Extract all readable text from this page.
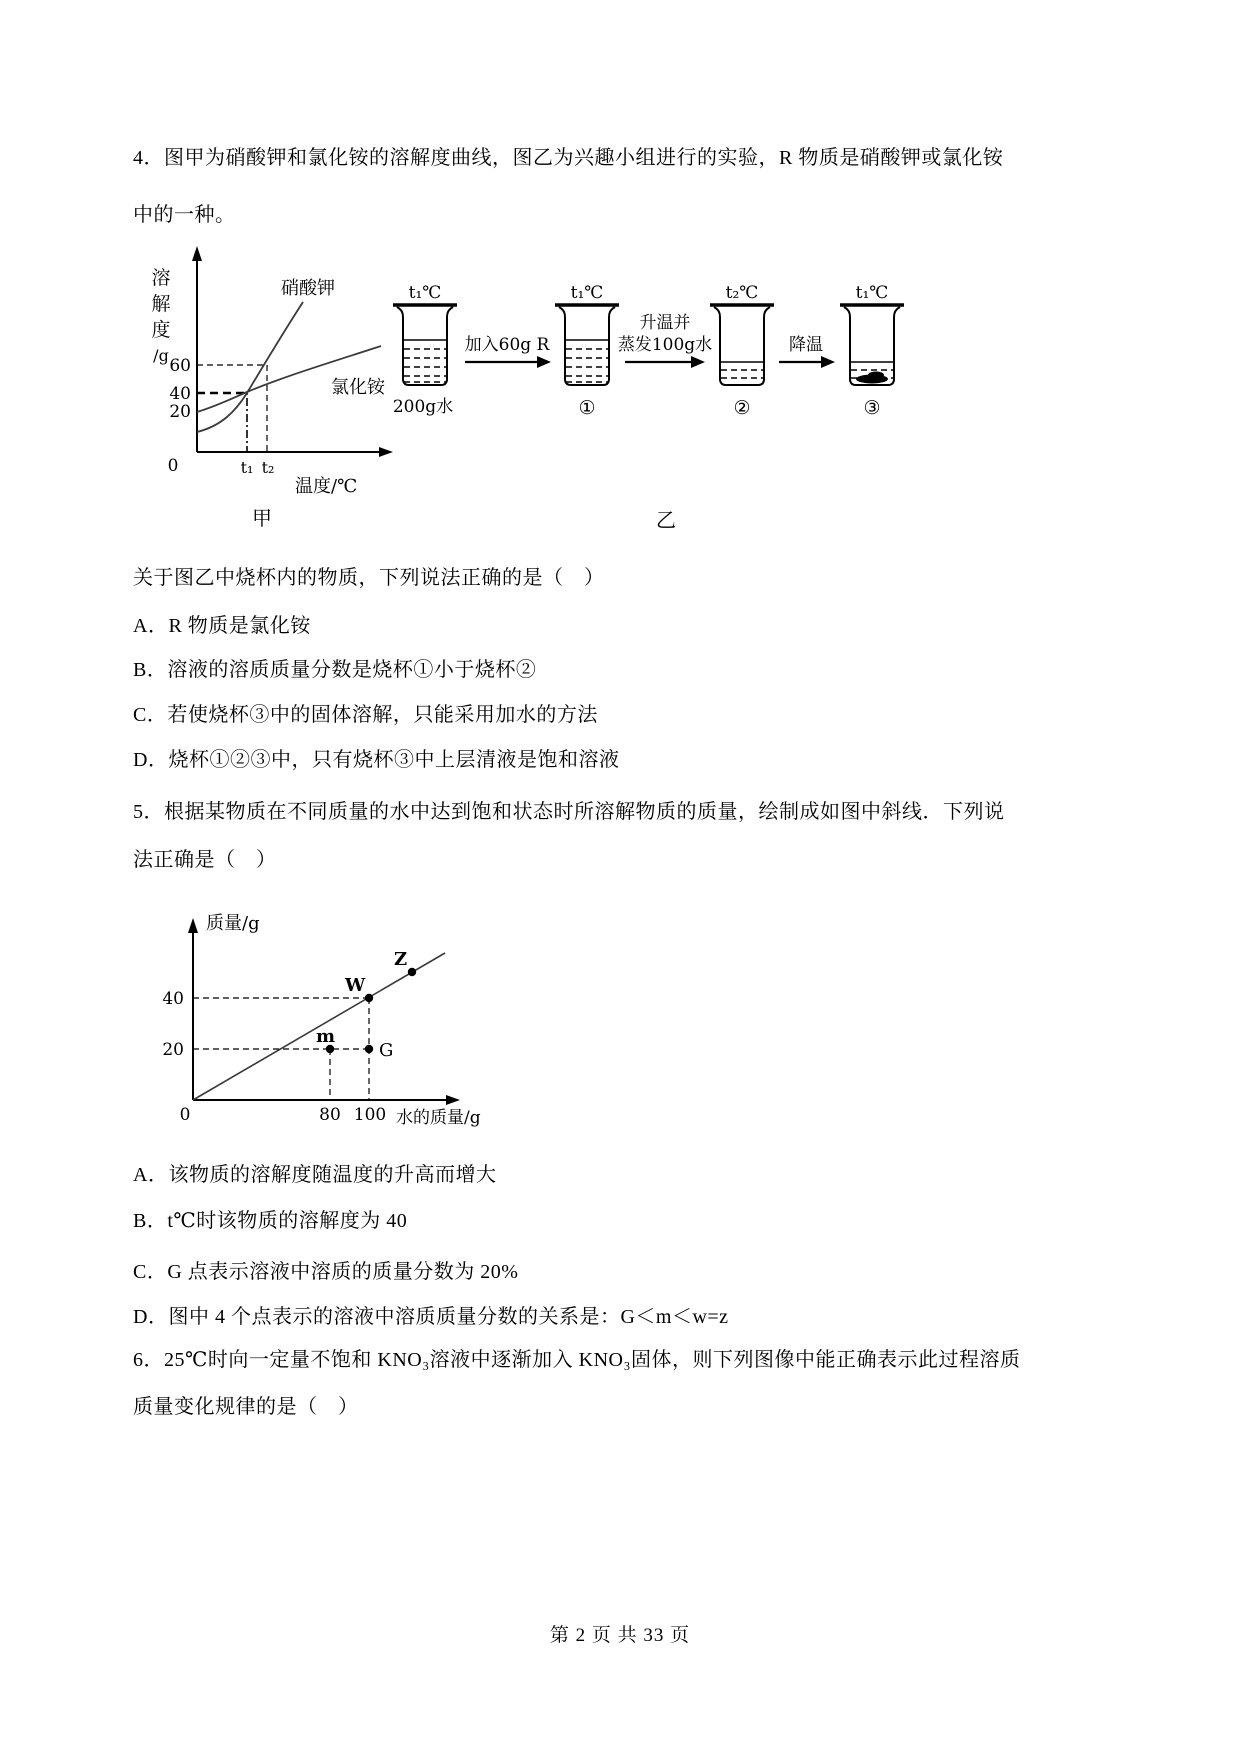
4．图甲为硝酸钾和氯化铵的溶解度曲线，图乙为兴趣小组进行的实验，R 物质是硝酸钾或氯化铵
中的一种。
溶
解
度
/g
60
40
20
硝酸钾
氯化铵
0	t₁ t₂
温度/℃
t₁℃
200g水
加入60g R
t₁℃
①
升温并
蒸发100g水
t₂℃
②
降温
t₁℃
③
甲	乙
关于图乙中烧杯内的物质，下列说法正确的是（　）
A．R 物质是氯化铵
B．溶液的溶质质量分数是烧杯①小于烧杯②
C．若使烧杯③中的固体溶解，只能采用加水的方法
D．烧杯①②③中，只有烧杯③中上层清液是饱和溶液
5．根据某物质在不同质量的水中达到饱和状态时所溶解物质的质量，绘制成如图中斜线．下列说
法正确是（　）
质量/g
W
Z
m
G
40
20
0	80 100 水的质量/g
A．该物质的溶解度随温度的升高而增大
B．t℃时该物质的溶解度为 40
C．G 点表示溶液中溶质的质量分数为 20%
D．图中 4 个点表示的溶液中溶质质量分数的关系是：G＜m＜w=z
6．25℃时向一定量不饱和 KNO₃溶液中逐渐加入 KNO₃固体，则下列图像中能正确表示此过程溶质
质量变化规律的是（　）
第 2 页 共 33 页
